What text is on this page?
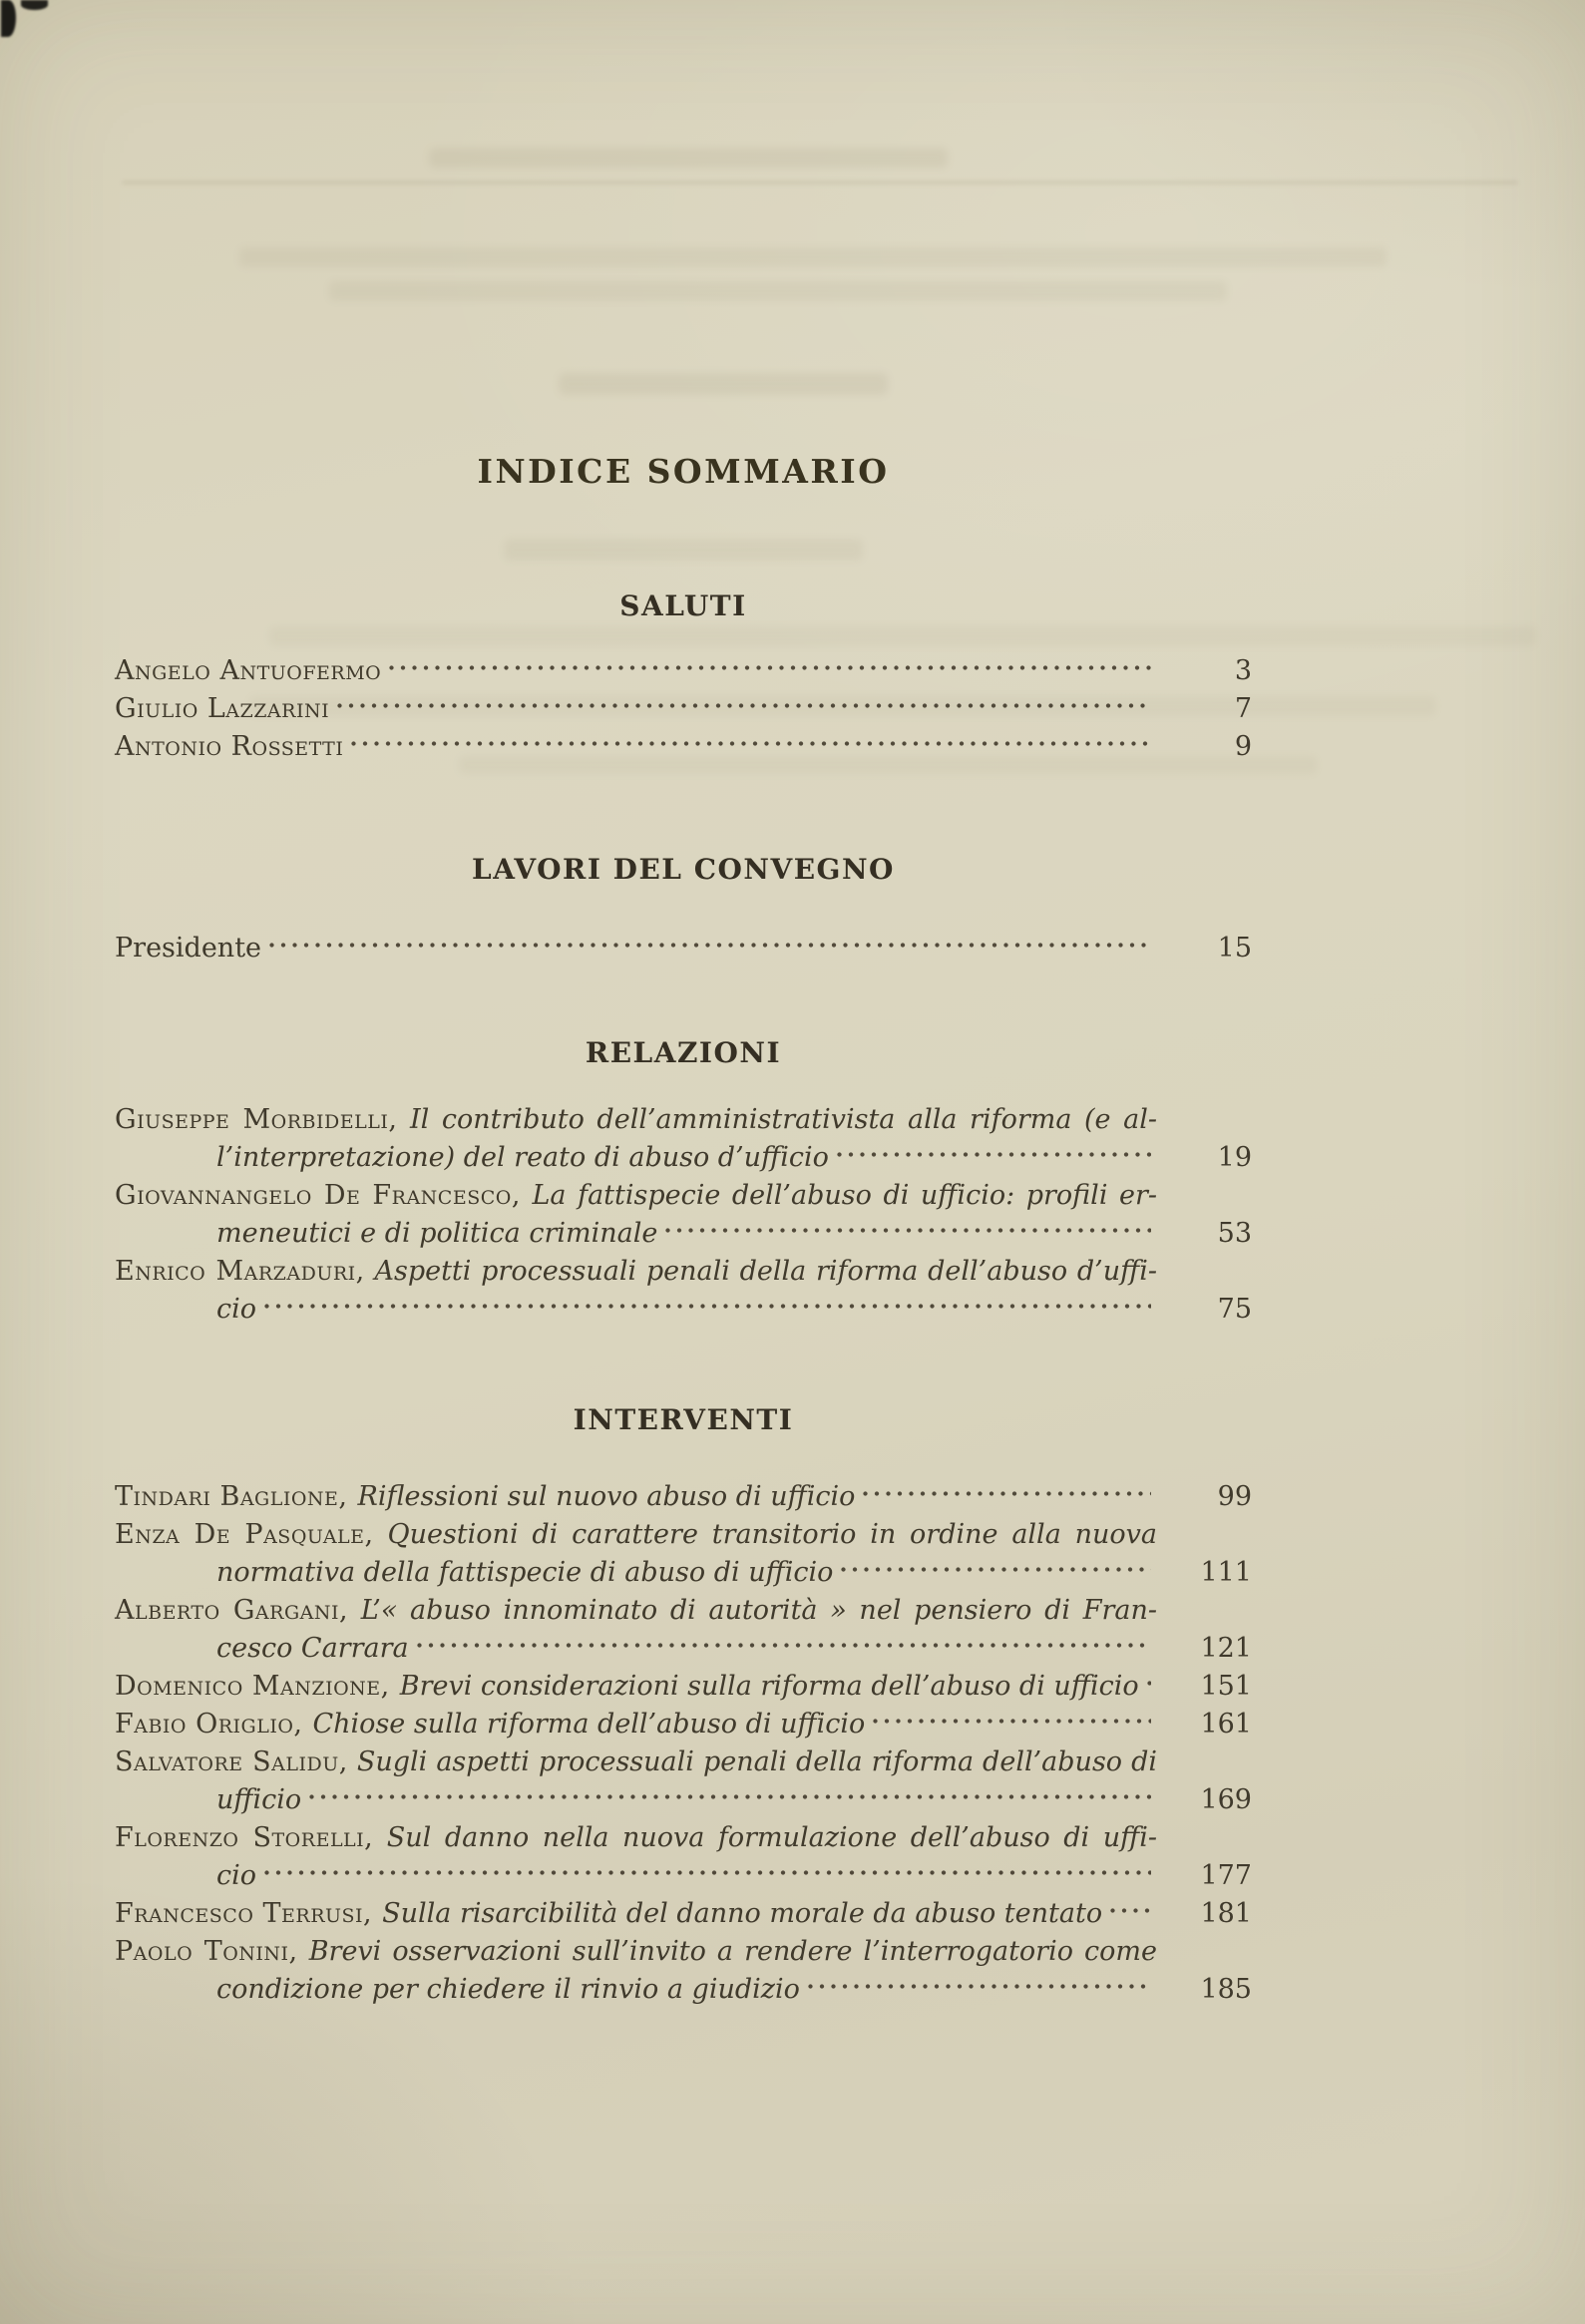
INDICE SOMMARIO
SALUTI
Angelo Antuofermo	3
Giulio Lazzarini	7
Antonio Rossetti	9
LAVORI DEL CONVEGNO
Presidente	15
RELAZIONI
Giuseppe Morbidelli, Il contributo dell’amministrativista alla riforma (e al-
l’interpretazione) del reato di abuso d’ufficio	19
Giovannangelo De Francesco, La fattispecie dell’abuso di ufficio: profili er-
meneutici e di politica criminale	53
Enrico Marzaduri, Aspetti processuali penali della riforma dell’abuso d’uffi-
cio	75
INTERVENTI
Tindari Baglione, Riflessioni sul nuovo abuso di ufficio	99
Enza De Pasquale, Questioni di carattere transitorio in ordine alla nuova
normativa della fattispecie di abuso di ufficio	111
Alberto Gargani, L’« abuso innominato di autorità » nel pensiero di Fran-
cesco Carrara	121
Domenico Manzione, Brevi considerazioni sulla riforma dell’abuso di ufficio	151
Fabio Origlio, Chiose sulla riforma dell’abuso di ufficio	161
Salvatore Salidu, Sugli aspetti processuali penali della riforma dell’abuso di
ufficio	169
Florenzo Storelli, Sul danno nella nuova formulazione dell’abuso di uffi-
cio	177
Francesco Terrusi, Sulla risarcibilità del danno morale da abuso tentato	181
Paolo Tonini, Brevi osservazioni sull’invito a rendere l’interrogatorio come
condizione per chiedere il rinvio a giudizio	185
